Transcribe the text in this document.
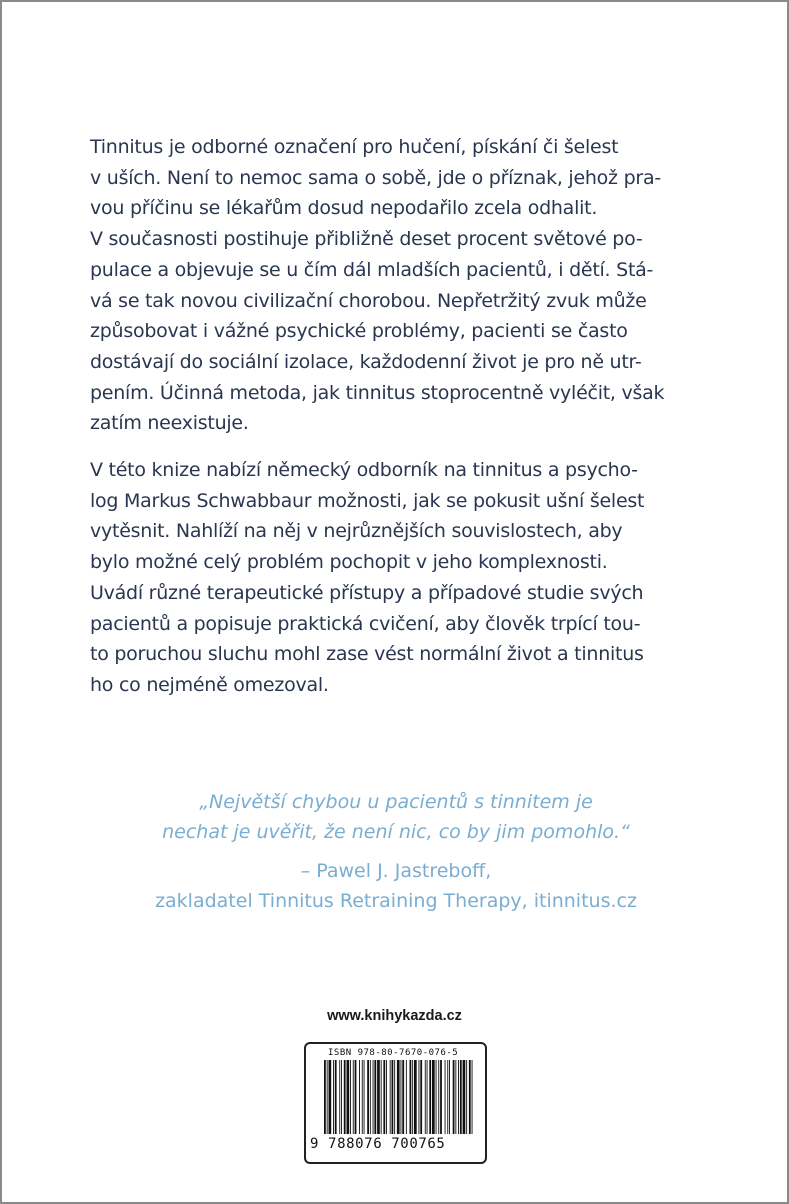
Tinnitus je odborné označení pro hučení, pískání či šelest
v uších. Není to nemoc sama o sobě, jde o příznak, jehož pra-
vou příčinu se lékařům dosud nepodařilo zcela odhalit.
V současnosti postihuje přibližně deset procent světové po-
pulace a objevuje se u čím dál mladších pacientů, i dětí. Stá-
vá se tak novou civilizační chorobou. Nepřetržitý zvuk může
způsobovat i vážné psychické problémy, pacienti se často
dostávají do sociální izolace, každodenní život je pro ně utr-
pením. Účinná metoda, jak tinnitus stoprocentně vyléčit, však
zatím neexistuje.

V této knize nabízí německý odborník na tinnitus a psycho-
log Markus Schwabbaur možnosti, jak se pokusit ušní šelest
vytěsnit. Nahlíží na něj v nejrůznějších souvislostech, aby
bylo možné celý problém pochopit v jeho komplexnosti.
Uvádí různé terapeutické přístupy a případové studie svých
pacientů a popisuje praktická cvičení, aby člověk trpící tou-
to poruchou sluchu mohl zase vést normální život a tinnitus
ho co nejméně omezoval.

„Největší chybou u pacientů s tinnitem je
nechat je uvěřit, že není nic, co by jim pomohlo.“
– Pawel J. Jastreboff,
zakladatel Tinnitus Retraining Therapy, itinnitus.cz
www.knihykazda.cz
ISBN 978-80-7670-076-5
9 788076 700765
